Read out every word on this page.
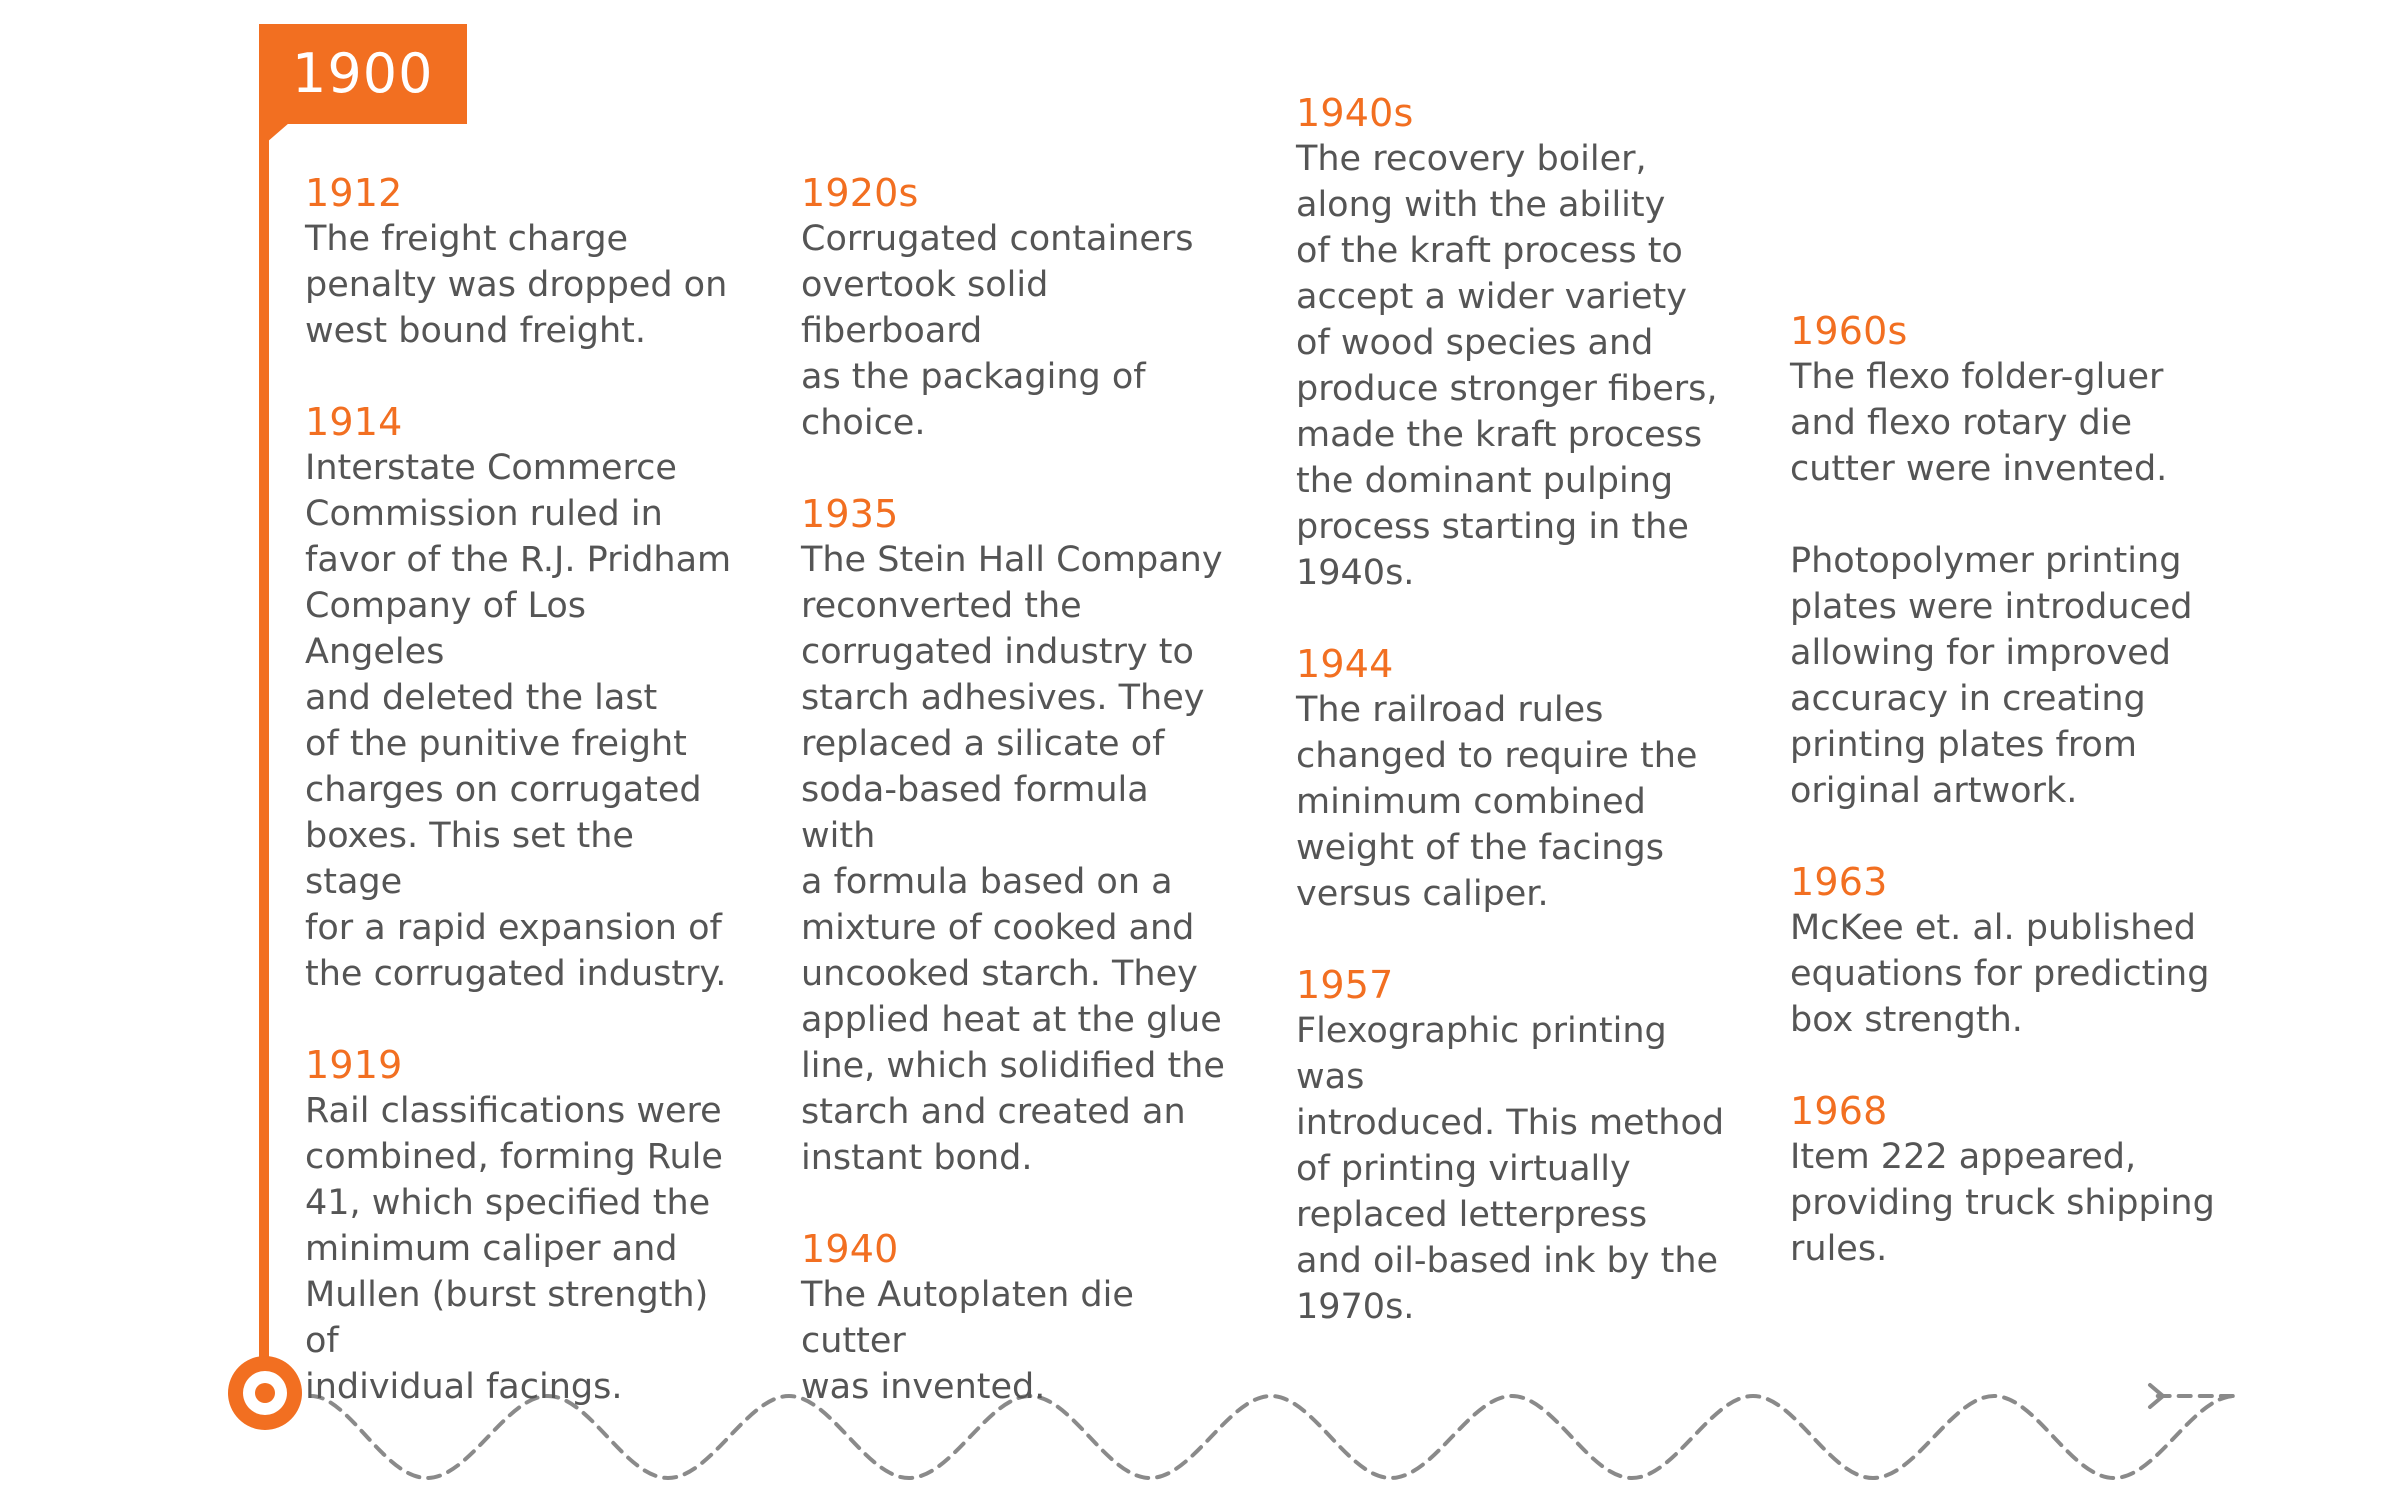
1900
1912
The freight charge
penalty was dropped on
west bound freight.
1914
Interstate Commerce
Commission ruled in
favor of the R.J. Pridham
Company of Los Angeles
and deleted the last
of the punitive freight
charges on corrugated
boxes. This set the stage
for a rapid expansion of
the corrugated industry.
1919
Rail classifications were
combined, forming Rule
41, which specified the
minimum caliper and
Mullen (burst strength) of
individual facings.
1920s
Corrugated containers
overtook solid fiberboard
as the packaging of
choice.
1935
The Stein Hall Company
reconverted the
corrugated industry to
starch adhesives. They
replaced a silicate of
soda-based formula with
a formula based on a
mixture of cooked and
uncooked starch. They
applied heat at the glue
line, which solidified the
starch and created an
instant bond.
1940
The Autoplaten die cutter
was invented.
1940s
The recovery boiler,
along with the ability
of the kraft process to
accept a wider variety
of wood species and
produce stronger fibers,
made the kraft process
the dominant pulping
process starting in the
1940s.
1944
The railroad rules
changed to require the
minimum combined
weight of the facings
versus caliper.
1957
Flexographic printing was
introduced. This method
of printing virtually
replaced letterpress
and oil-based ink by the
1970s.
1960s
The flexo folder-gluer
and flexo rotary die
cutter were invented.
Photopolymer printing
plates were introduced
allowing for improved
accuracy in creating
printing plates from
original artwork.
1963
McKee et. al. published
equations for predicting
box strength.
1968
Item 222 appeared,
providing truck shipping
rules.
